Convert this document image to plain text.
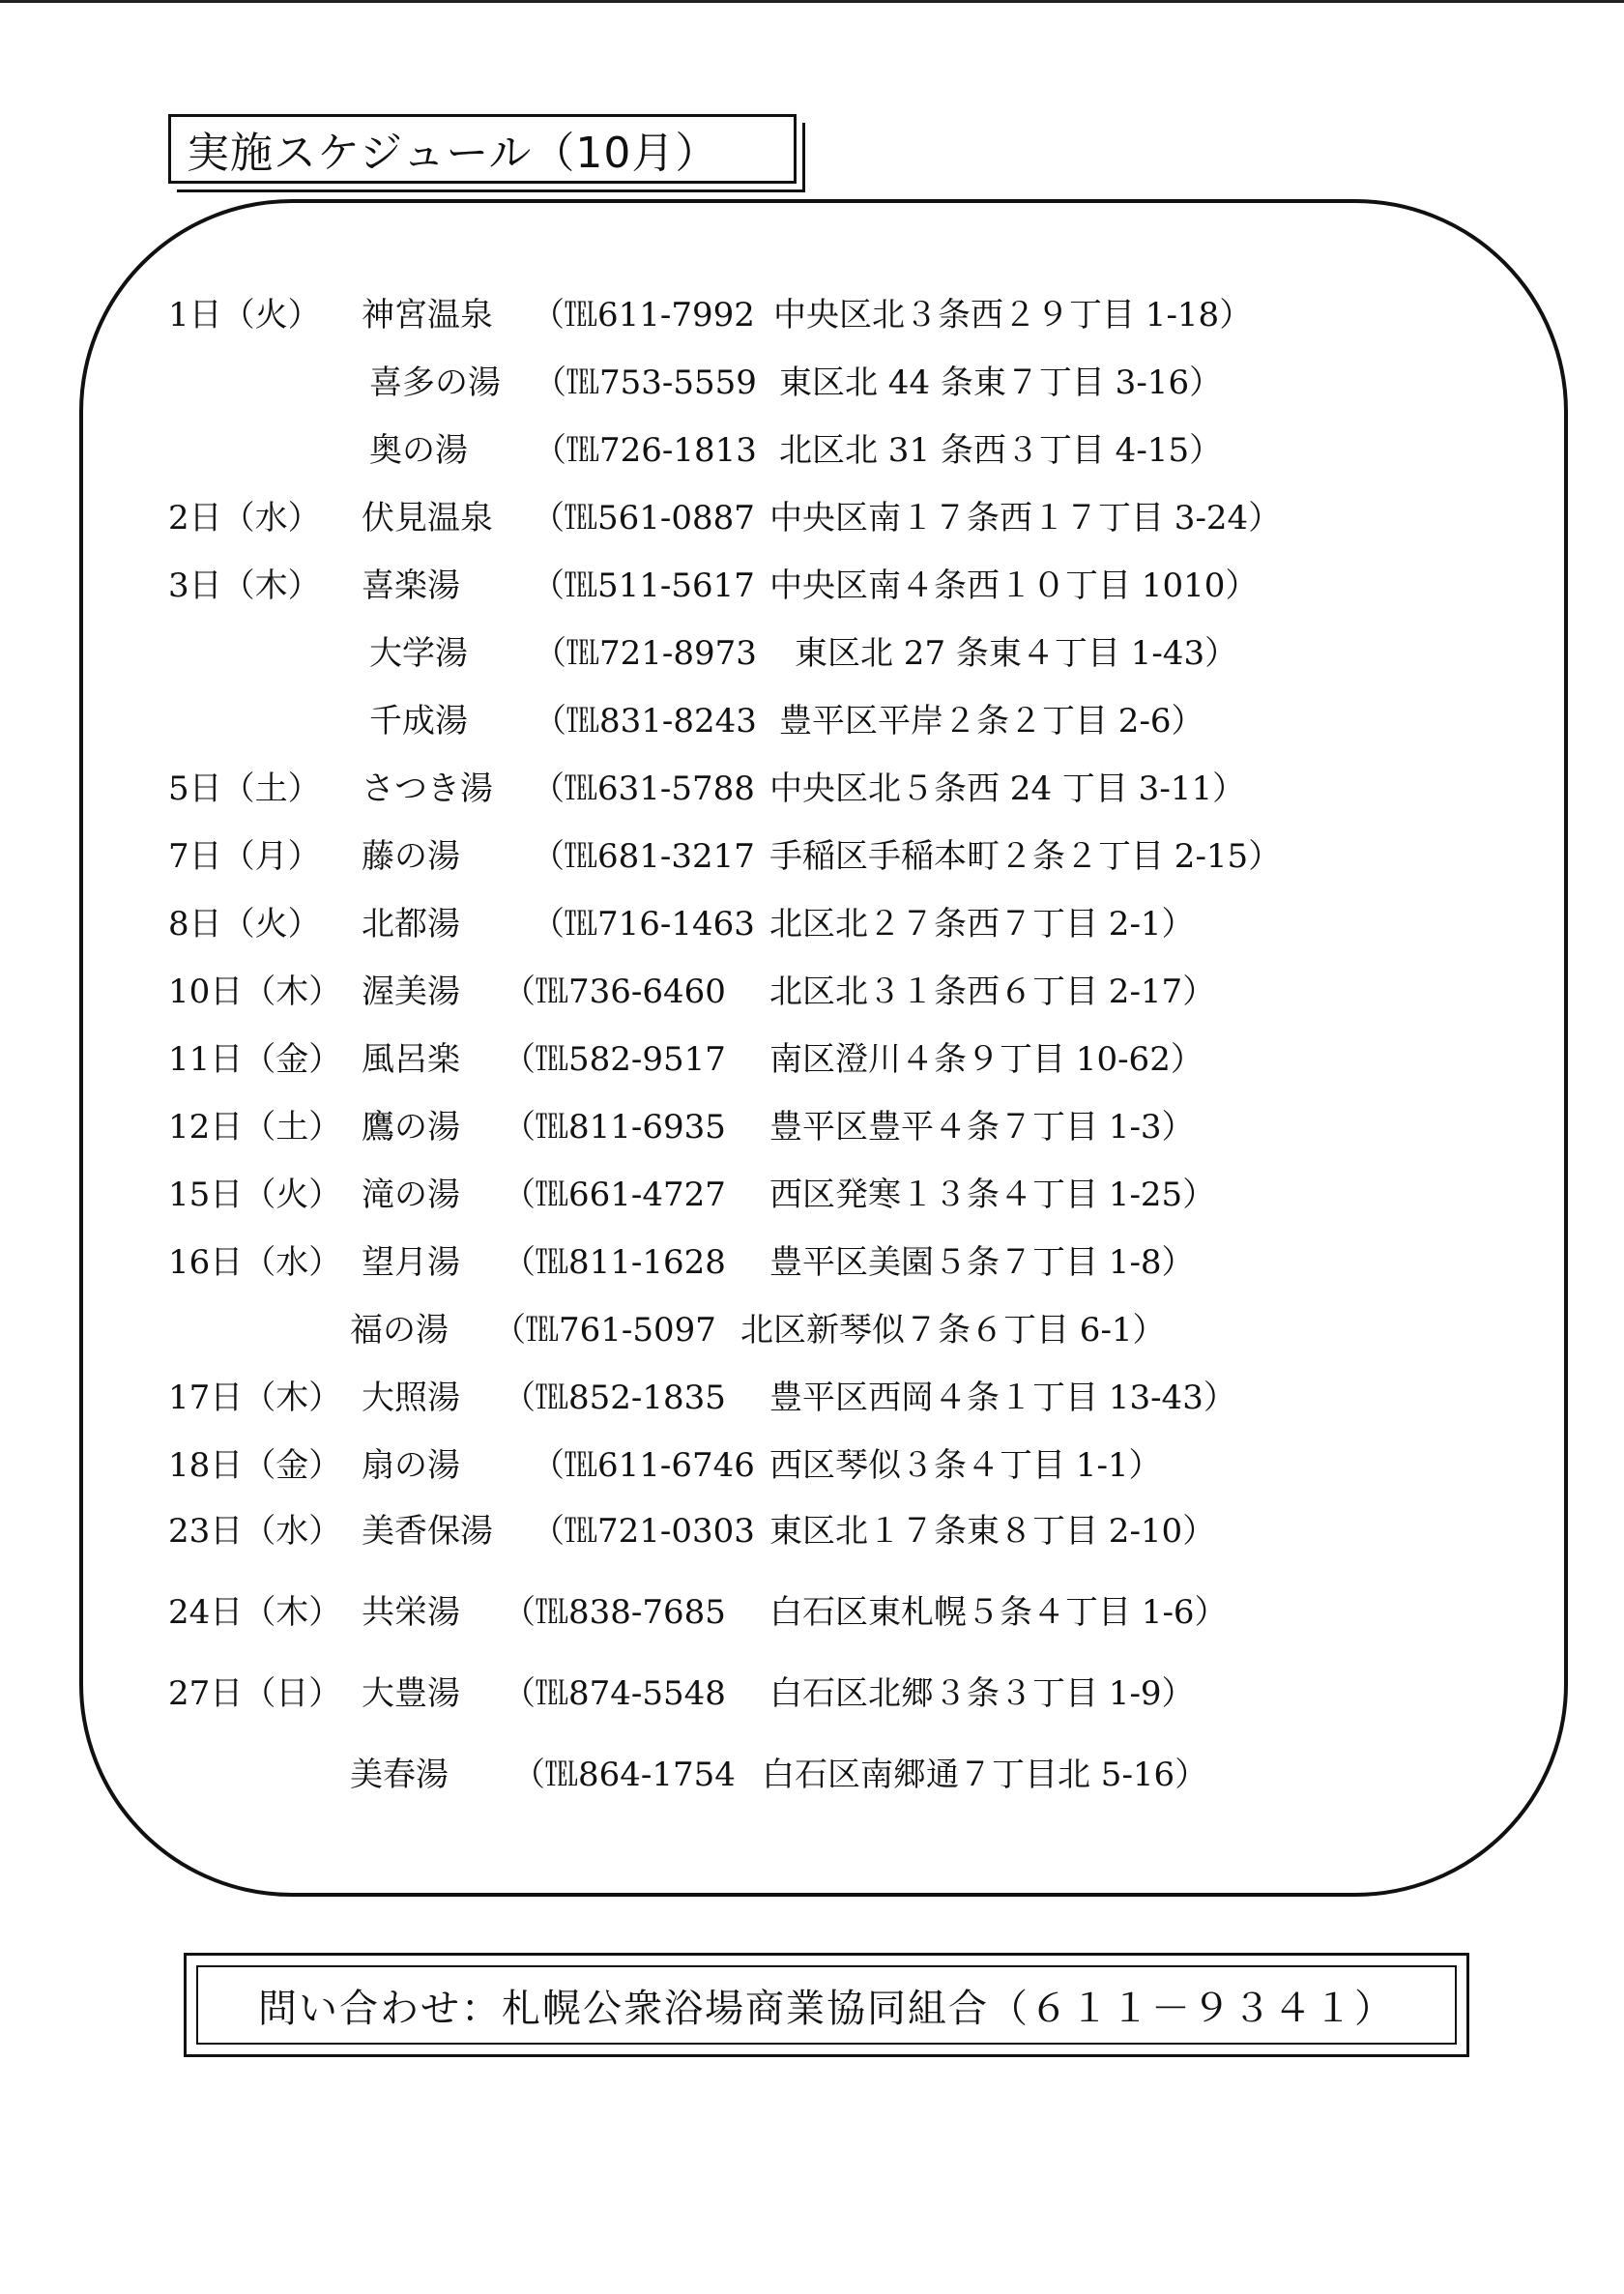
実施スケジュール（10月）
1日（火） 神宮温泉 （℡611-7992 中央区北３条西２９丁目 1-18）
喜多の湯 （℡753-5559 東区北 44 条東７丁目 3-16）
奥の湯 （℡726-1813 北区北 31 条西３丁目 4-15）
2日（水） 伏見温泉 （℡561-0887 中央区南１７条西１７丁目 3-24）
3日（木） 喜楽湯 （℡511-5617 中央区南４条西１０丁目 1010）
大学湯 （℡721-8973 東区北 27 条東４丁目 1-43）
千成湯 （℡831-8243 豊平区平岸２条２丁目 2-6）
5日（土） さつき湯 （℡631-5788 中央区北５条西 24 丁目 3-11）
7日（月） 藤の湯 （℡681-3217 手稲区手稲本町２条２丁目 2-15）
8日（火） 北都湯 （℡716-1463 北区北２７条西７丁目 2-1）
10日（木） 渥美湯 （℡736-6460 北区北３１条西６丁目 2-17）
11日（金） 風呂楽 （℡582-9517 南区澄川４条９丁目 10-62）
12日（土） 鷹の湯 （℡811-6935 豊平区豊平４条７丁目 1-3）
15日（火） 滝の湯 （℡661-4727 西区発寒１３条４丁目 1-25）
16日（水） 望月湯 （℡811-1628 豊平区美園５条７丁目 1-8）
福の湯 （℡761-5097 北区新琴似７条６丁目 6-1）
17日（木） 大照湯 （℡852-1835 豊平区西岡４条１丁目 13-43）
18日（金） 扇の湯 （℡611-6746 西区琴似３条４丁目 1-1）
23日（水） 美香保湯 （℡721-0303 東区北１７条東８丁目 2-10）
24日（木） 共栄湯 （℡838-7685 白石区東札幌５条４丁目 1-6）
27日（日） 大豊湯 （℡874-5548 白石区北郷３条３丁目 1-9）
美春湯 （℡864-1754 白石区南郷通７丁目北 5-16）
問い合わせ：札幌公衆浴場商業協同組合（６１１－９３４１）
